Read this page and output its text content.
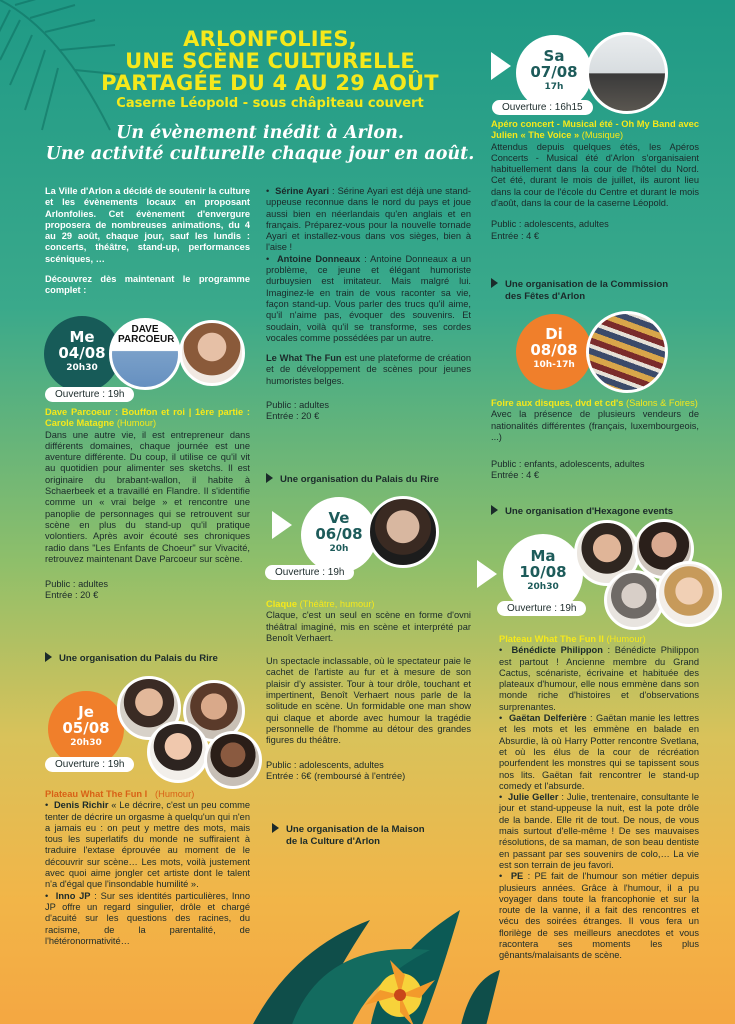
ARLONFOLIES,
UNE SCÈNE CULTURELLE
PARTAGÉE DU 4 AU 29 AOÛT
Caserne Léopold - sous châpiteau couvert
Un évènement inédit à Arlon.
Une activité culturelle chaque jour en août.

La Ville d'Arlon a décidé de soutenir la culture et les évènements locaux en proposant Arlonfolies. Cet évènement d'envergure proposera de nombreuses animations, du 4 au 29 août, chaque jour, sauf les lundis : concerts, théâtre, stand-up, performances scéniques, …

Découvrez dès maintenant le programme complet :

Me
04/08
20h30
DAVE PARCOEUR
Ouverture : 19h

Dave Parcoeur : Bouffon et roi | 1ère partie : Carole Matagne (Humour)

Dans une autre vie, il est entrepreneur dans différents domaines, chaque journée est une aventure différente. Du coup, il utilise ce qu'il vit au quotidien pour alimenter ses sketchs. Il est originaire du brabant-wallon, il habite à Schaerbeek et a travaillé en Flandre. Il s'identifie comme un « vrai belge » et rencontre une panoplie de personnages qui se retrouvent sur scène en plus du stand-up qu'il pratique volontiers. Après avoir écouté ses chroniques radio dans "Les Enfants de Choeur" sur Vivacité, retrouvez maintenant Dave Parcoeur sur scène.

Public : adultes
Entrée : 20 €
Une organisation du Palais du Rire
Je
05/08
20h30
Ouverture : 19h

Plateau What The Fun I (Humour)

•  Denis Richir « Le décrire, c'est un peu comme tenter de décrire un orgasme à quelqu'un qui n'en a jamais eu : on peut y mettre des mots, mais tous les superlatifs du monde ne suffiraient à traduire l'extase éprouvée au moment de le découvrir sur scène… Les mots, voilà justement avec quoi aime jongler cet artiste dont le talent n'a d'égal que l'insondable humilité ».

•  Inno JP : Sur ses identités particulières, Inno JP offre un regard singulier, drôle et chargé d'acuité sur les questions des racines, du racisme, de la parentalité, de l'hétéronormativité…

•  Sérine Ayari : Sérine Ayari est déjà une stand-uppeuse reconnue dans le nord du pays et joue aussi bien en néerlandais qu'en anglais et en français. Préparez-vous pour la nouvelle tornade Ayari et installez-vous dans vos sièges, bien à l'aise !

•  Antoine Donneaux : Antoine Donneaux a un problème, ce jeune et élégant humoriste durbuysien est imitateur. Mais malgré lui. Imaginez-le en train de vous raconter sa vie, façon stand-up. Vous parler des trucs qu'il aime, qu'il n'aime pas, évoquer des souvenirs. Et soudain, voilà qu'il se transforme, ses cordes vocales comme possédées par un autre.

Le What The Fun est une plateforme de création et de développement de scènes pour jeunes humoristes belges.

Public : adultes
Entrée : 20 €
Une organisation du Palais du Rire
Ve
06/08
20h
Ouverture : 19h

Claque (Théâtre, humour)

Claque, c'est un seul en scène en forme d'ovni théâtral imaginé, mis en scène et interprété par Benoît Verhaert.

Un spectacle inclassable, où le spectateur paie le cachet de l'artiste au fur et à mesure de son plaisir d'y assister. Tour à tour drôle, touchant et impertinent, Benoît Verhaert nous parle de la solitude en scène. Un formidable one man show qui claque et aborde avec humour la tragédie personnelle de l'homme au détour des grandes figures du théâtre.

Public : adolescents, adultes
Entrée : 6€ (remboursé à l'entrée)
Une organisation de la Maison
de la Culture d'Arlon
Sa
07/08
17h
Ouverture : 16h15

Apéro concert - Musical été - Oh My Band avec Julien « The Voice » (Musique)

Attendus depuis quelques étés, les Apéros Concerts - Musical été d'Arlon s'organisaient habituellement dans la cour de l'hôtel du Nord. Cet été, durant le mois de juillet, ils auront lieu dans la cour de l'école du Centre et durant le mois d'août, dans la cour de la caserne Léopold.

Public : adolescents, adultes
Entrée : 4 €
Une organisation de la Commission
des Fêtes d'Arlon
Di
08/08
10h-17h

Foire aux disques, dvd et cd's (Salons & Foires)

Avec la présence de plusieurs vendeurs de nationalités différentes (français, luxembourgeois, ...)

Public : enfants, adolescents, adultes
Entrée : 4 €
Une organisation d'Hexagone events
Ma
10/08
20h30
Ouverture : 19h

Plateau What The Fun II (Humour)

•  Bénédicte Philippon : Bénédicte Philippon est partout ! Ancienne membre du Grand Cactus, scénariste, écrivaine et habituée des plateaux d'humour, elle nous emmène dans son monde riche d'histoires et d'observations surprenantes.

•  Gaëtan Delferière : Gaëtan manie les lettres et les mots et les emmène en balade en Absurdie, là où Harry Potter rencontre Svetlana, et où les élus de la cour de récréation pourfendent les monstres qui se tapissent sous nos lits. Gaëtan fait rencontrer le stand-up comedy et l'absurde.

•  Julie Geller : Julie, trentenaire, consultante le jour et stand-uppeuse la nuit, est la pote drôle de la bande. Elle rit de tout. De nous, de vous mais surtout d'elle-même ! De ses mauvaises résolutions, de sa maman, de son beau dentiste en passant par ses souvenirs de colo,… La vie est son terrain de jeu favori.

•  PE : PE fait de l'humour son métier depuis plusieurs années. Grâce à l'humour, il a pu voyager dans toute la francophonie et sur la route de la vanne, il a fait des rencontres et vécu des soirées étranges. Il vous fera un florilège de ses meilleurs anecdotes et vous racontera ses moments les plus gênants/malaisants de scène.
